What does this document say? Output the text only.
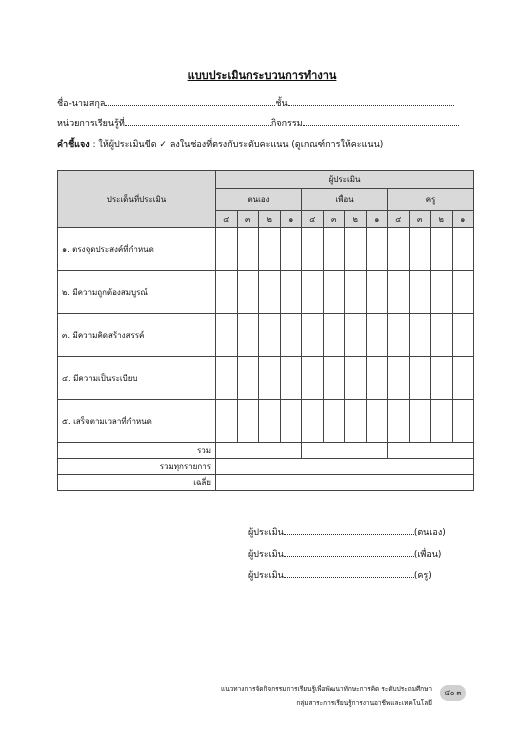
แบบประเมินกระบวนการทำงาน
ชื่อ-นามสกุล	ชั้น
หน่วยการเรียนรู้ที่	กิจกรรม
คำชี้แจง : ให้ผู้ประเมินขีด ✓ ลงในช่องที่ตรงกับระดับคะแนน (ดูเกณฑ์การให้คะแนน)
ประเด็นที่ประเมิน	ผู้ประเมิน											
	ตนเอง				เพื่อน				ครู			
	๔	๓	๒	๑	๔	๓	๒	๑	๔	๓	๒	๑
๑. ตรงจุดประสงค์ที่กำหนด												
๒. มีความถูกต้องสมบูรณ์												
๓. มีความคิดสร้างสรรค์												
๔. มีความเป็นระเบียบ												
๕. เสร็จตามเวลาที่กำหนด												
รวม												
รวมทุกรายการ												
เฉลี่ย												
ผู้ประเมิน	(ตนเอง)
ผู้ประเมิน	(เพื่อน)
ผู้ประเมิน	(ครู)
แนวทางการจัดกิจกรรมการเรียนรู้เพื่อพัฒนาทักษะการคิด ระดับประถมศึกษา
กลุ่มสาระการเรียนรู้การงานอาชีพและเทคโนโลยี
๔๐ ๓
